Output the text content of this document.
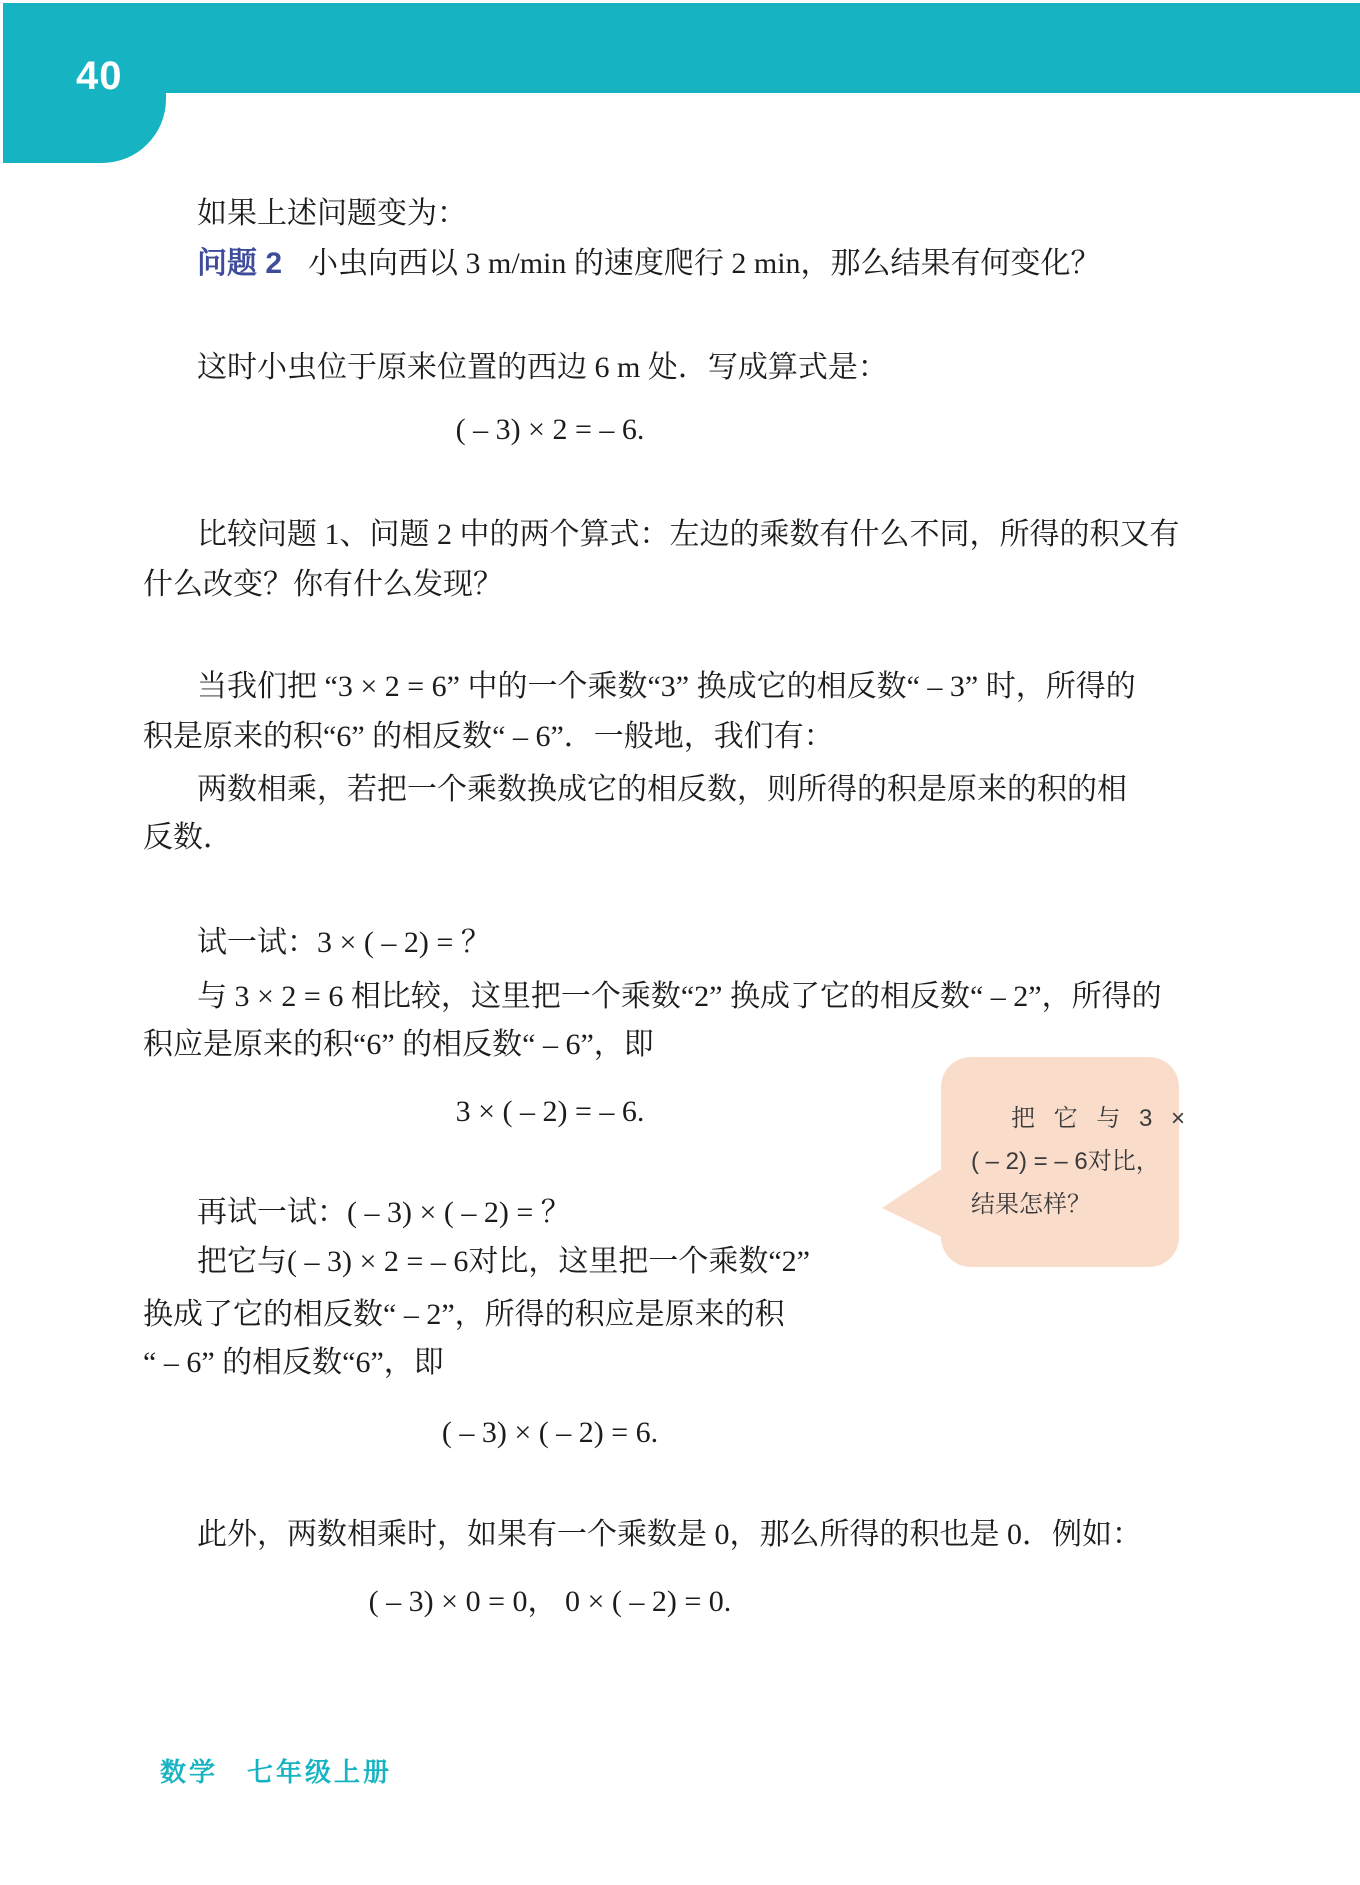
40
如果上述问题变为：
问题 2 小虫向西以 3 m/min 的速度爬行 2 min，那么结果有何变化？
这时小虫位于原来位置的西边 6 m 处．写成算式是：
( – 3) × 2 = – 6.
比较问题 1、问题 2 中的两个算式：左边的乘数有什么不同，所得的积又有
什么改变？你有什么发现？
当我们把 “3 × 2 = 6” 中的一个乘数“3” 换成它的相反数“ – 3” 时，所得的
积是原来的积“6” 的相反数“ – 6”．一般地，我们有：
两数相乘，若把一个乘数换成它的相反数，则所得的积是原来的积的相
反数．
试一试：3 × ( – 2) = ？
与 3 × 2 = 6 相比较，这里把一个乘数“2” 换成了它的相反数“ – 2”，所得的
积应是原来的积“6” 的相反数“ – 6”，即
3 × ( – 2) = – 6.
再试一试：( – 3) × ( – 2) = ？
把它与( – 3) × 2 = – 6对比，这里把一个乘数“2”
换成了它的相反数“ – 2”，所得的积应是原来的积
“ – 6” 的相反数“6”，即
( – 3) × ( – 2) = 6.
此外，两数相乘时，如果有一个乘数是 0，那么所得的积也是 0．例如：
( – 3) × 0 = 0， 0 × ( – 2) = 0.
把 它 与 3 ×
( – 2) = – 6对比，
结果怎样？
数学　七年级上册
